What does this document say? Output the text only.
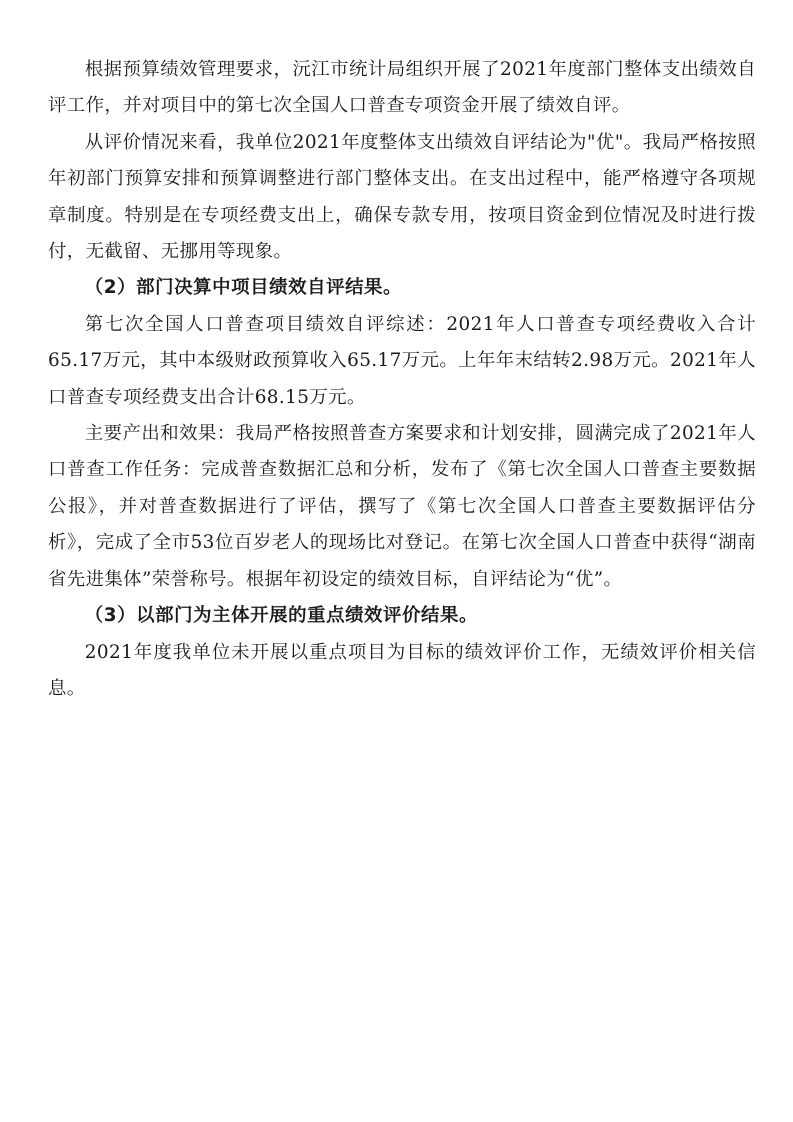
根据预算绩效管理要求，沅江市统计局组织开展了2021年度部门整体支出绩效自评工作，并对项目中的第七次全国人口普查专项资金开展了绩效自评。

从评价情况来看，我单位2021年度整体支出绩效自评结论为"优"。我局严格按照年初部门预算安排和预算调整进行部门整体支出。在支出过程中，能严格遵守各项规章制度。特别是在专项经费支出上，确保专款专用，按项目资金到位情况及时进行拨付，无截留、无挪用等现象。

（2）部门决算中项目绩效自评结果。

第七次全国人口普查项目绩效自评综述：2021年人口普查专项经费收入合计65.17万元，其中本级财政预算收入65.17万元。上年年末结转2.98万元。2021年人口普查专项经费支出合计68.15万元。

主要产出和效果：我局严格按照普查方案要求和计划安排，圆满完成了2021年人口普查工作任务：完成普查数据汇总和分析，发布了《第七次全国人口普查主要数据公报》，并对普查数据进行了评估，撰写了《第七次全国人口普查主要数据评估分析》，完成了全市53位百岁老人的现场比对登记。在第七次全国人口普查中获得“湖南省先进集体”荣誉称号。根据年初设定的绩效目标，自评结论为“优”。

（3）以部门为主体开展的重点绩效评价结果。

2021年度我单位未开展以重点项目为目标的绩效评价工作，无绩效评价相关信息。
